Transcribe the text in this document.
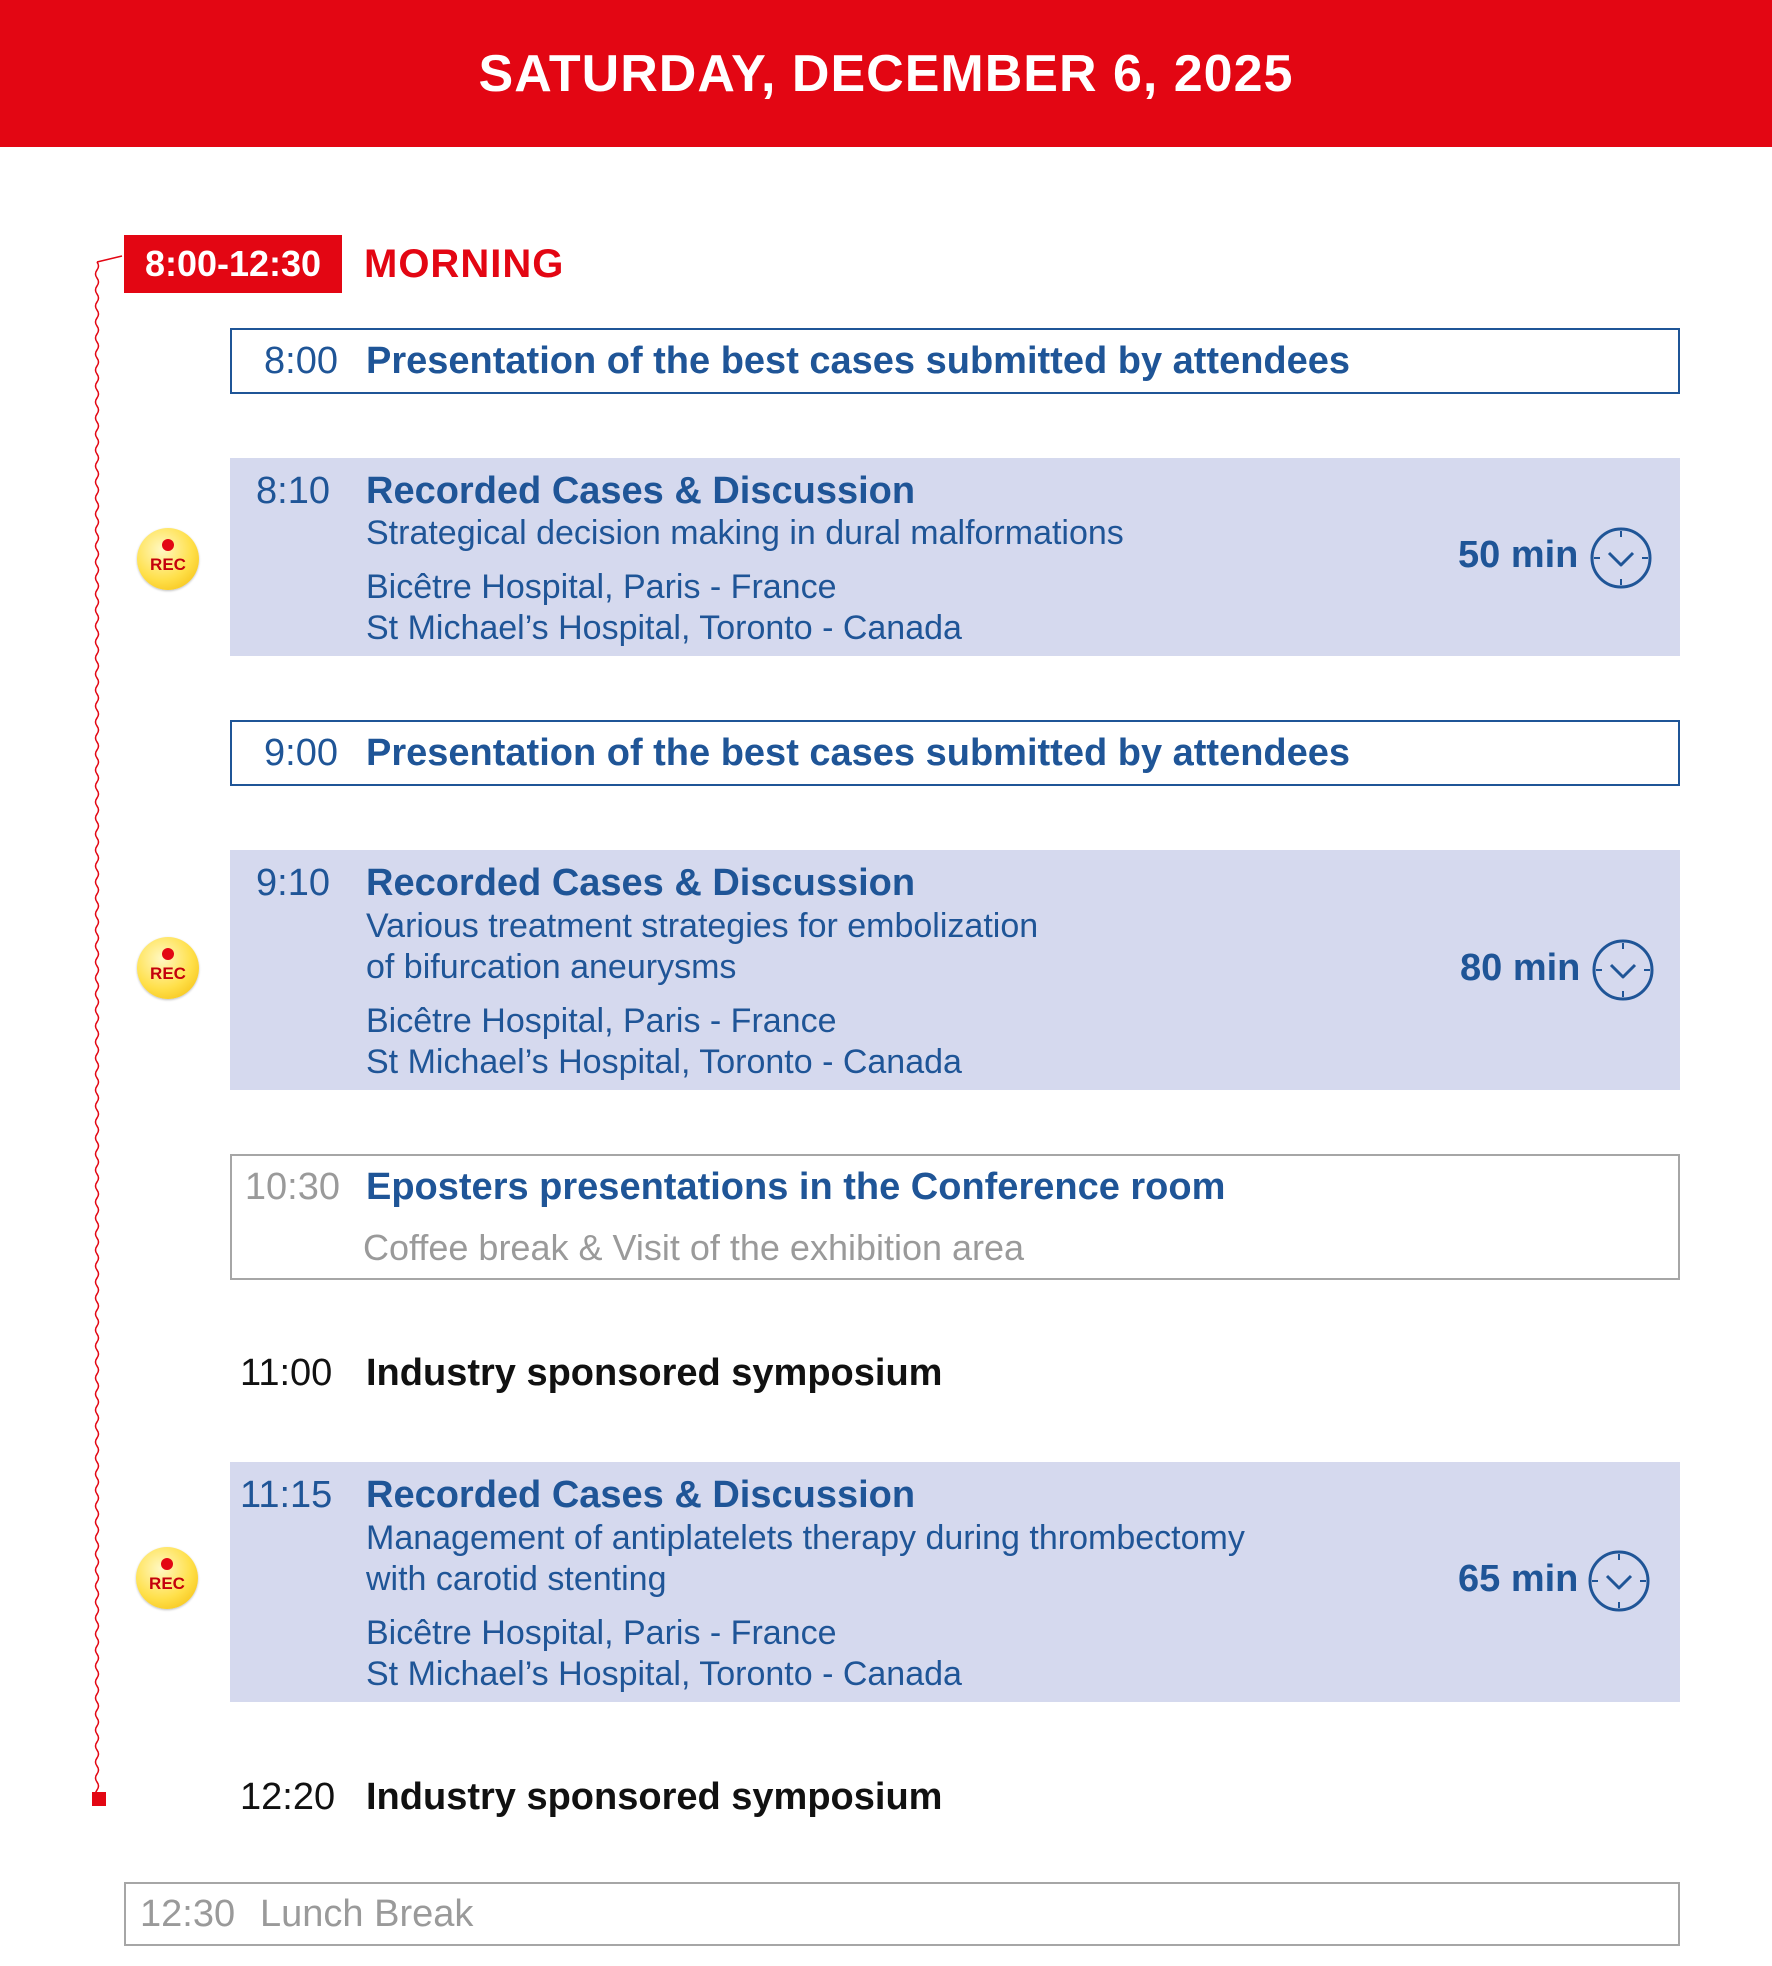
SATURDAY, DECEMBER 6, 2025
8:00-12:30	MORNING
8:00 Presentation of the best cases submitted by attendees
REC
8:10 Recorded Cases & Discussion
Strategical decision making in dural malformations
Bicêtre Hospital, Paris - France
St Michael’s Hospital, Toronto - Canada
50 min
9:00 Presentation of the best cases submitted by attendees
REC
9:10 Recorded Cases & Discussion
Various treatment strategies for embolization
of bifurcation aneurysms
Bicêtre Hospital, Paris - France
St Michael’s Hospital, Toronto - Canada
80 min
10:30 Eposters presentations in the Conference room
Coffee break & Visit of the exhibition area
11:00 Industry sponsored symposium
REC
11:15 Recorded Cases & Discussion
Management of antiplatelets therapy during thrombectomy
with carotid stenting
Bicêtre Hospital, Paris - France
St Michael’s Hospital, Toronto - Canada
65 min
12:20 Industry sponsored symposium
12:30 Lunch Break
